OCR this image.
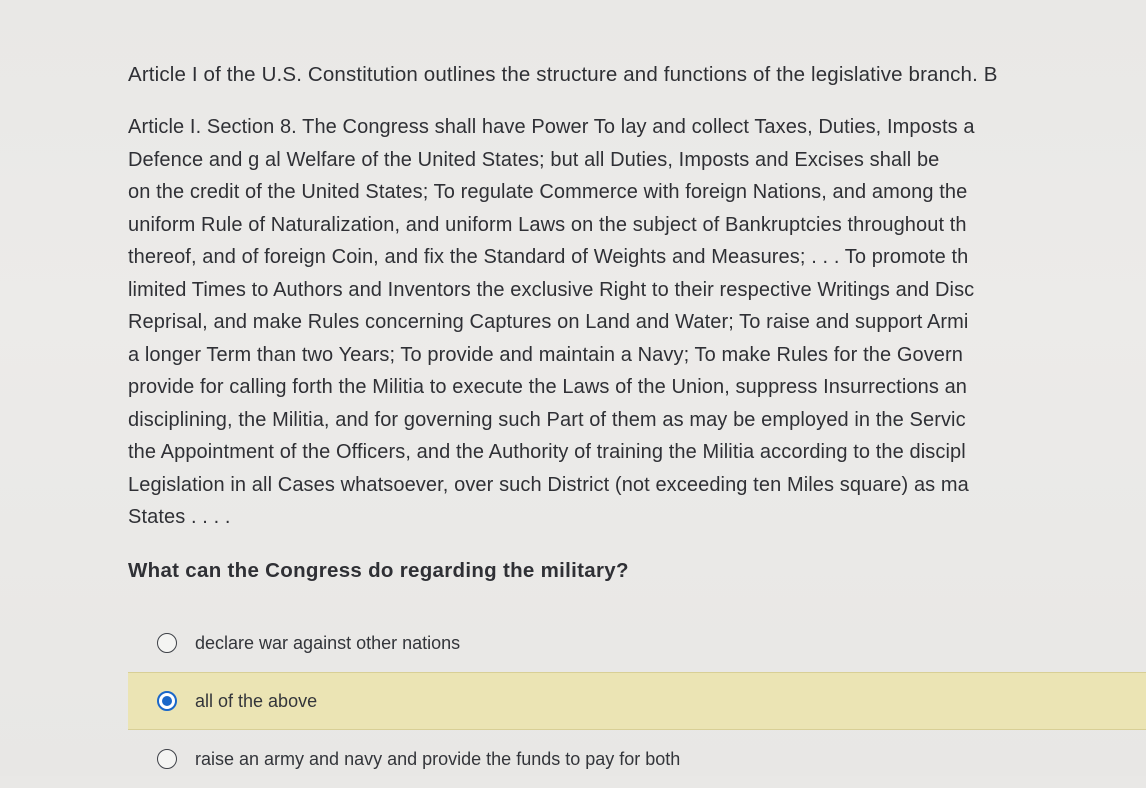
Article I of the U.S. Constitution outlines the structure and functions of the legislative branch. B
Article I. Section 8. The Congress shall have Power To lay and collect Taxes, Duties, Imposts a
Defence and g al Welfare of the United States; but all Duties, Imposts and Excises shall be
on the credit of the United States; To regulate Commerce with foreign Nations, and among the
uniform Rule of Naturalization, and uniform Laws on the subject of Bankruptcies throughout th
thereof, and of foreign Coin, and fix the Standard of Weights and Measures; . . . To promote th
limited Times to Authors and Inventors the exclusive Right to their respective Writings and Disc
Reprisal, and make Rules concerning Captures on Land and Water; To raise and support Armi
a longer Term than two Years; To provide and maintain a Navy; To make Rules for the Govern
provide for calling forth the Militia to execute the Laws of the Union, suppress Insurrections an
disciplining, the Militia, and for governing such Part of them as may be employed in the Servic
the Appointment of the Officers, and the Authority of training the Militia according to the discipl
Legislation in all Cases whatsoever, over such District (not exceeding ten Miles square) as ma
States . . . .
What can the Congress do regarding the military?
declare war against other nations
all of the above
raise an army and navy and provide the funds to pay for both
